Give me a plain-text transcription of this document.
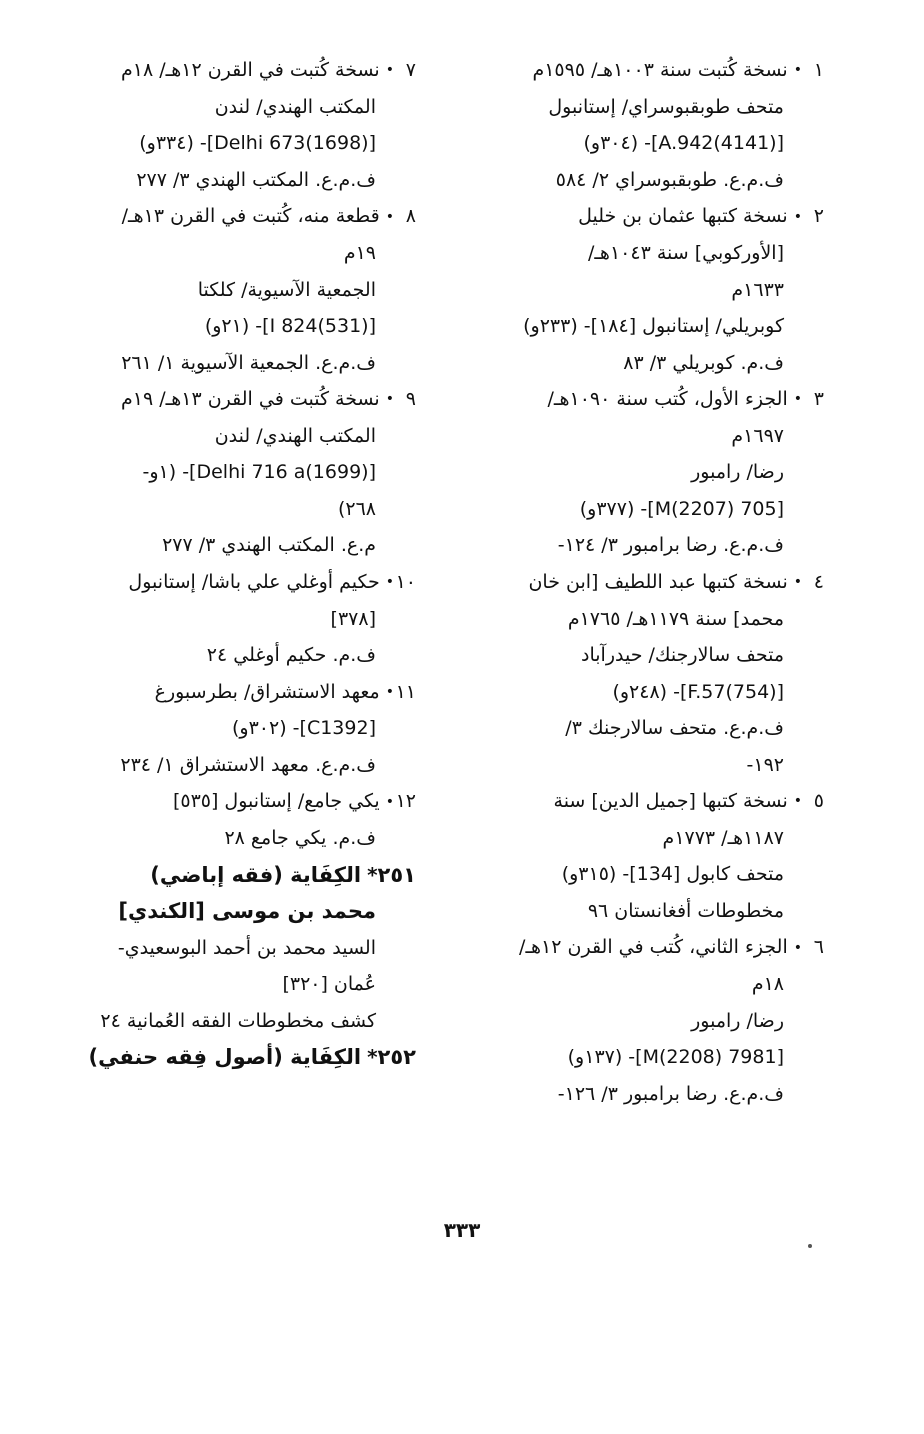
١•نسخة كُتبت سنة ١٠٠٣هـ/ ١٥٩٥م
متحف طوبقبوسراي/ إستانبول
[A.942(4141)]- (٣٠٤و)
ف.م.ع. طوبقبوسراي ٢/ ٥٨٤
٢•نسخة كتبها عثمان بن خليل
[الأوركوبي] سنة ١٠٤٣هـ/
١٦٣٣م
كوبريلي/ إستانبول [١٨٤]- (٢٣٣و)
ف.م. كوبريلي ٣/ ٨٣
٣•الجزء الأول، كُتب سنة ١٠٩٠هـ/
١٦٩٧م
رضا/ رامبور
[705 M(2207)]- (٣٧٧و)
ف.م.ع. رضا برامبور ٣/ ١٢٤-
٤•نسخة كتبها عبد اللطيف [ابن خان
محمد] سنة ١١٧٩هـ/ ١٧٦٥م
متحف سالارجنك/ حيدرآباد
[F.57(754)]- (٢٤٨و)
ف.م.ع. متحف سالارجنك ٣/
١٩٢-
٥•نسخة كتبها [جميل الدين] سنة
١١٨٧هـ/ ١٧٧٣م
متحف كابول [134]- (٣١٥و)
مخطوطات أفغانستان ٩٦
٦•الجزء الثاني، كُتب في القرن ١٢هـ/
١٨م
رضا/ رامبور
[7981 M(2208)]- (١٣٧و)
ف.م.ع. رضا برامبور ٣/ ١٢٦-
٧•نسخة كُتبت في القرن ١٢هـ/ ١٨م
المكتب الهندي/ لندن
[Delhi 673(1698)]- (٣٣٤و)
ف.م.ع. المكتب الهندي ٣/ ٢٧٧
٨•قطعة منه، كُتبت في القرن ١٣هـ/
١٩م
الجمعية الآسيوية/ كلكتا
[I 824(531)]- (٢١و)
ف.م.ع. الجمعية الآسيوية ١/ ٢٦١
٩•نسخة كُتبت في القرن ١٣هـ/ ١٩م
المكتب الهندي/ لندن
[Delhi 716 a(1699)]- (١و-
٢٦٨)
م.ع. المكتب الهندي ٣/ ٢٧٧
١٠•حكيم أوغلي علي باشا/ إستانبول
[٣٧٨]
ف.م. حكيم أوغلي ٢٤
١١•معهد الاستشراق/ بطرسبورغ
[C1392]- (٣٠٢و)
ف.م.ع. معهد الاستشراق ١/ ٢٣٤
١٢•يكي جامع/ إستانبول [٥٣٥]
ف.م. يكي جامع ٢٨
٢٥١*الكِفَاية (فقه إباضي)
محمد بن موسى [الكندي]
السيد محمد بن أحمد البوسعيدي-
عُمان [٣٢٠]
كشف مخطوطات الفقه العُمانية ٢٤
٢٥٢*الكِفَاية (أصول فِقه حنفي)
٣٣٣
